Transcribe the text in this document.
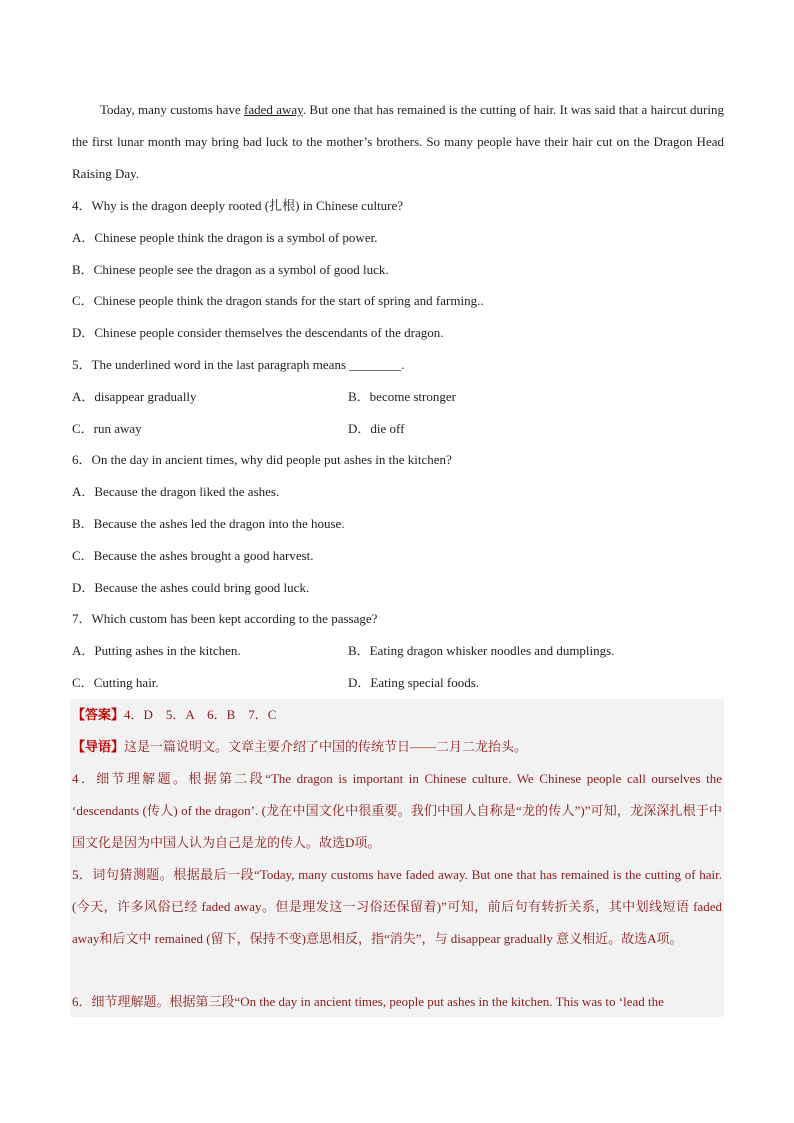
Today, many customs have faded away. But one that has remained is the cutting of hair. It was said that a haircut during the first lunar month may bring bad luck to the mother’s brothers. So many people have their hair cut on the Dragon Head Raising Day.
4．Why is the dragon deeply rooted (扎根) in Chinese culture?
A．Chinese people think the dragon is a symbol of power.
B．Chinese people see the dragon as a symbol of good luck.
C．Chinese people think the dragon stands for the start of spring and farming..
D．Chinese people consider themselves the descendants of the dragon.
5．The underlined word in the last paragraph means ________.
A．disappear gradually	B．become stronger
C．run away	D．die off
6．On the day in ancient times, why did people put ashes in the kitchen?
A．Because the dragon liked the ashes.
B．Because the ashes led the dragon into the house.
C．Because the ashes brought a good harvest.
D．Because the ashes could bring good luck.
7．Which custom has been kept according to the passage?
A．Putting ashes in the kitchen.	B．Eating dragon whisker noodles and dumplings.
C．Cutting hair.	D．Eating special foods.
【答案】4．D　5．A　6．B　7．C
【导语】这是一篇说明文。文章主要介绍了中国的传统节日——二月二龙抬头。
4．细节理解题。根据第二段“The dragon is important in Chinese culture. We Chinese people call ourselves the ‘descendants (传人) of the dragon’. (龙在中国文化中很重要。我们中国人自称是“龙的传人”)”可知，龙深深扎根于中国文化是因为中国人认为自己是龙的传人。故选D项。
5．词句猜测题。根据最后一段“Today, many customs have faded away. But one that has remained is the cutting of hair. (今天，许多风俗已经 faded away。但是理发这一习俗还保留着)”可知，前后句有转折关系，其中划线短语 faded away和后文中 remained (留下，保持不变)意思相反，指“消失”，与 disappear gradually 意义相近。故选A项。
6．细节理解题。根据第三段“On the day in ancient times, people put ashes in the kitchen. This was to ‘lead the
